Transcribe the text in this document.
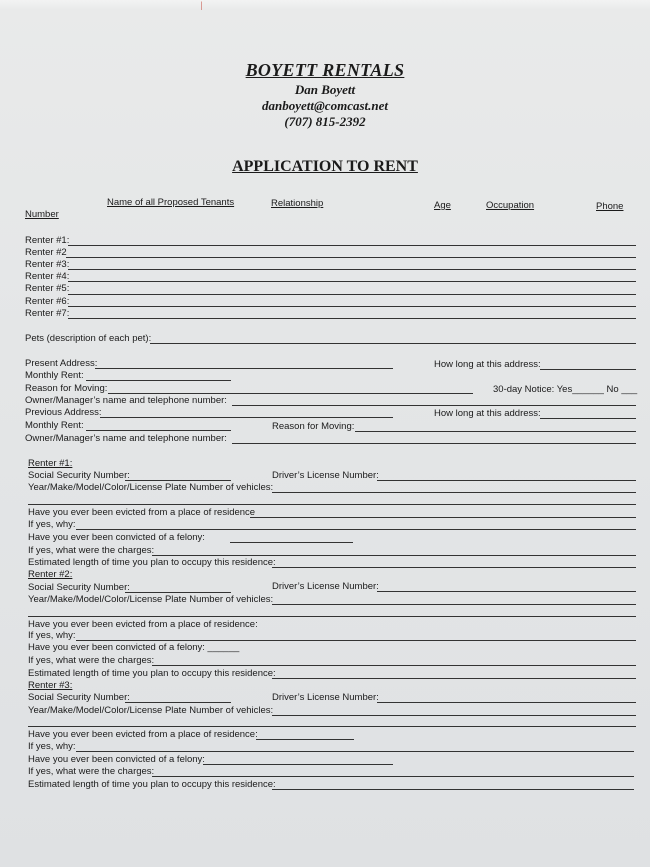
|
BOYETT RENTALS
Dan Boyett
danboyett@comcast.net
(707) 815-2392
APPLICATION TO RENT
Name of all Proposed Tenants	Relationship	Age	Occupation	Phone
Number
Renter #1:
Renter #2
Renter #3:
Renter #4:
Renter #5:
Renter #6:
Renter #7:
Pets (description of each pet):
Present Address:	How long at this address:
Monthly Rent:
Reason for Moving:	30-day Notice: Yes______ No ___
Owner/Manager’s name and telephone number:
Previous Address:	How long at this address:
Monthly Rent:	Reason for Moving:
Owner/Manager’s name and telephone number:
Renter #1:
Social Security Number:	Driver’s License Number:
Year/Make/Model/Color/License Plate Number of vehicles:
Have you ever been evicted from a place of residence
If yes, why:
Have you ever been convicted of a felony:
If yes, what were the charges:
Estimated length of time you plan to occupy this residence:
Renter #2:
Social Security Number:	Driver’s License Number:
Year/Make/Model/Color/License Plate Number of vehicles:
Have you ever been evicted from a place of residence:
If yes, why:
Have you ever been convicted of a felony: ______
If yes, what were the charges:
Estimated length of time you plan to occupy this residence:
Renter #3:
Social Security Number:	Driver’s License Number:
Year/Make/Model/Color/License Plate Number of vehicles:
Have you ever been evicted from a place of residence:
If yes, why:
Have you ever been convicted of a felony:
If yes, what were the charges:
Estimated length of time you plan to occupy this residence:
